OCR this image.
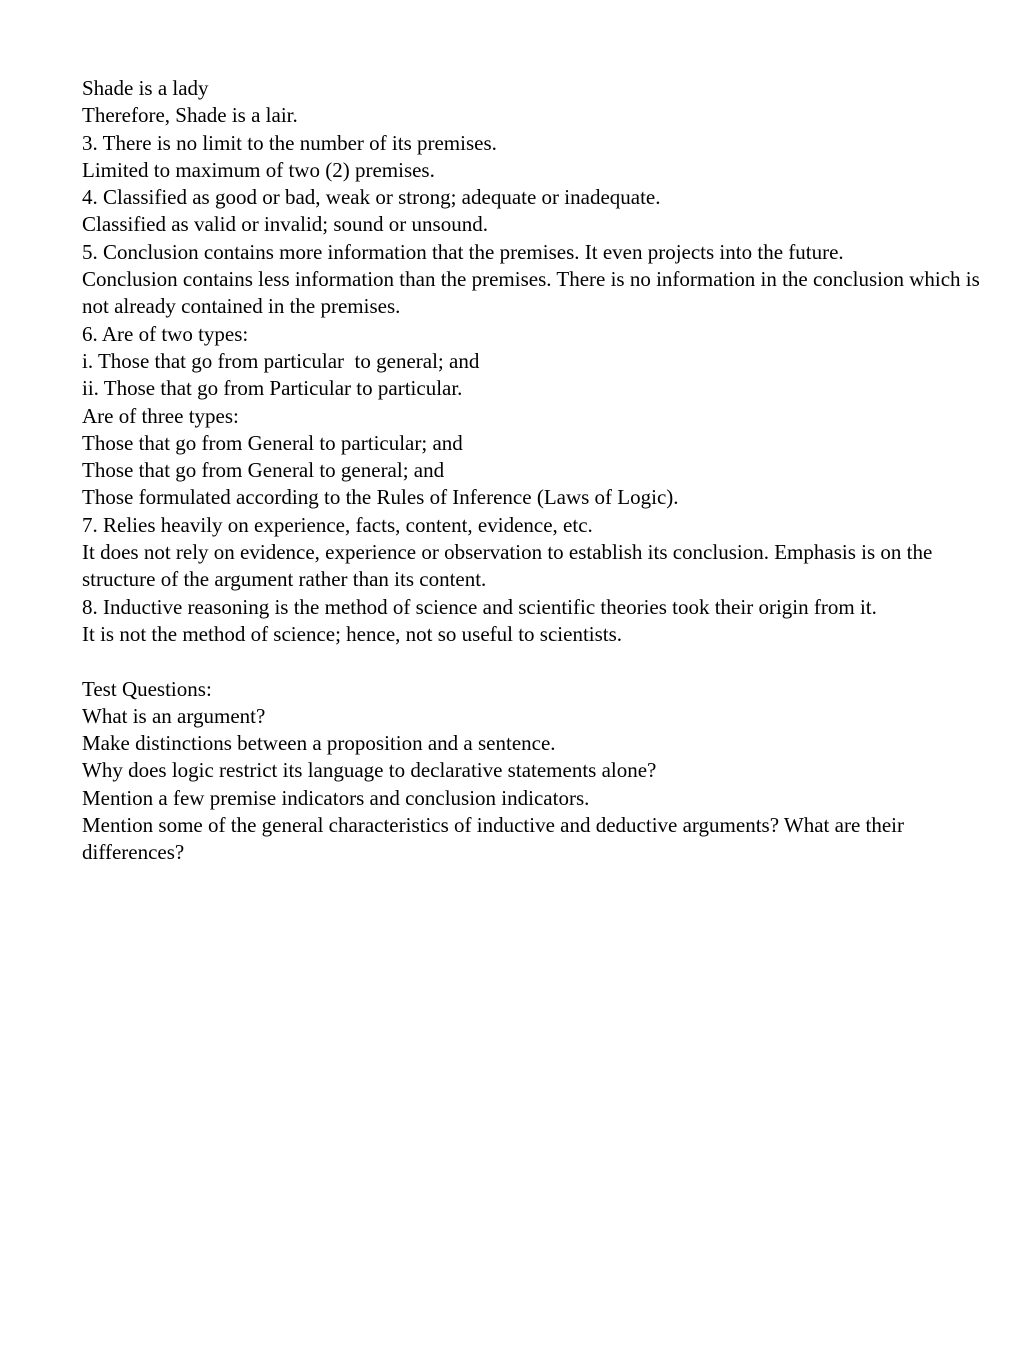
Shade is a lady

Therefore, Shade is a lair.

3. There is no limit to the number of its premises.

Limited to maximum of two (2) premises.

4. Classified as good or bad, weak or strong; adequate or inadequate.

Classified as valid or invalid; sound or unsound.

5. Conclusion contains more information that the premises. It even projects into the future.

Conclusion contains less information than the premises. There is no information in the conclusion which is not already contained in the premises.

6. Are of two types:

i. Those that go from particular  to general; and

ii. Those that go from Particular to particular.

Are of three types:

Those that go from General to particular; and

Those that go from General to general; and

Those formulated according to the Rules of Inference (Laws of Logic).

7. Relies heavily on experience, facts, content, evidence, etc.

It does not rely on evidence, experience or observation to establish its conclusion. Emphasis is on the structure of the argument rather than its content.

8. Inductive reasoning is the method of science and scientific theories took their origin from it.

It is not the method of science; hence, not so useful to scientists.

Test Questions:

What is an argument?

Make distinctions between a proposition and a sentence.

Why does logic restrict its language to declarative statements alone?

Mention a few premise indicators and conclusion indicators.

Mention some of the general characteristics of inductive and deductive arguments? What are their differences?
